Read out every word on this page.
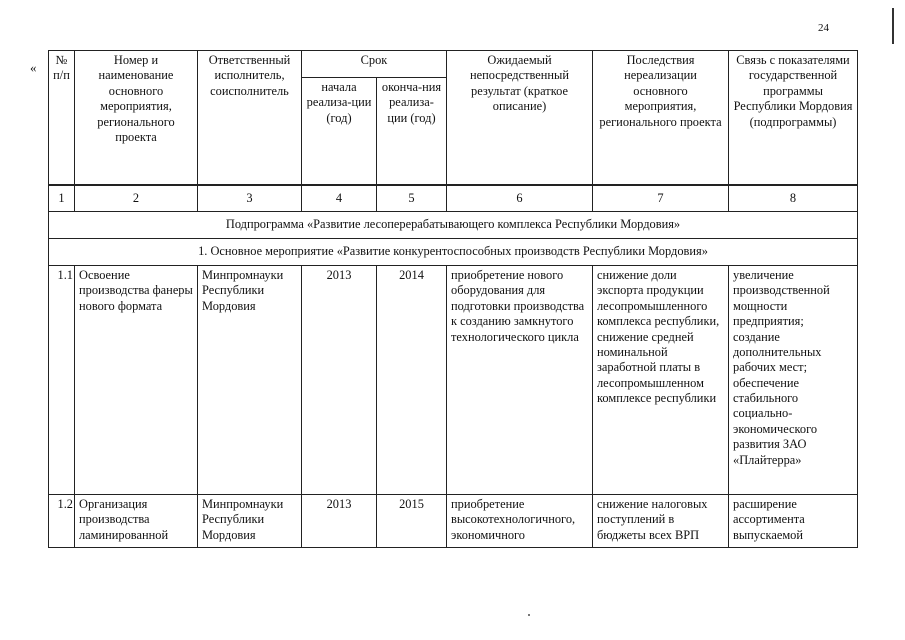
24
« № п/п	Номер и наименование основного мероприятия, регионального проекта	Ответственный исполнитель, соисполнитель	Срок		Ожидаемый непосредственный результат (краткое описание)	Последствия нереализации основного мероприятия, регионального проекта	Связь с показателями государственной программы Республики Мордовия (подпрограммы)
			начала реализа-ции (год)	оконча-ния реализа-ции (год)			
1	2	3	4	5	6	7	8
Подпрограмма «Развитие лесоперерабатывающего комплекса Республики Мордовия»							
1. Основное мероприятие «Развитие конкурентоспособных производств Республики Мордовия»							
1.1	Освоение производства фанеры нового формата	Минпромнауки Республики Мордовия	2013	2014	приобретение нового оборудования для подготовки производства к созданию замкнутого технологического цикла	снижение доли экспорта продукции лесопромышленного комплекса республики, снижение средней номинальной заработной платы в лесопромышленном комплексе республики	увеличение производственной мощности предприятия; создание дополнительных рабочих мест; обеспечение стабильного социально-экономического развития ЗАО «Плайтерра»
1.2	Организация производства ламинированной	Минпромнауки Республики Мордовия	2013	2015	приобретение высокотехнологичного, экономичного	снижение налоговых поступлений в бюджеты всех ВРП	расширение ассортимента выпускаемой
